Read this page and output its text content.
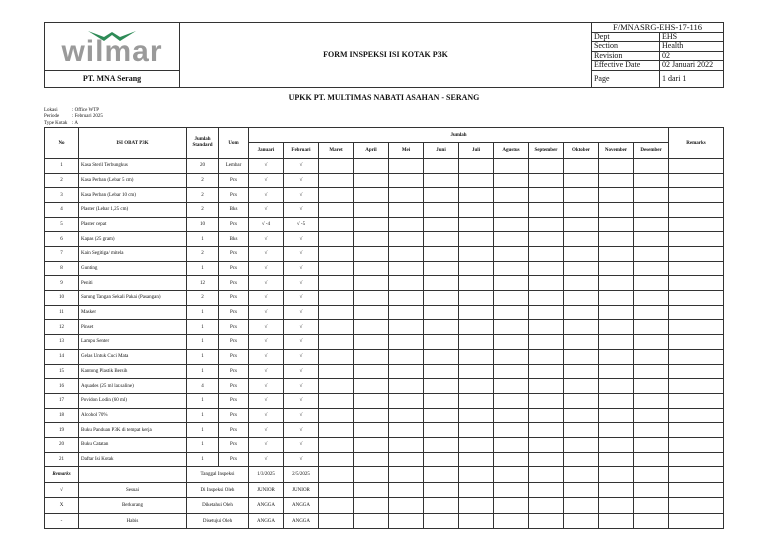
wilmar	FORM INSPEKSI ISI KOTAK P3K	F/MNASRG-EHS-17-116	
		Dept	EHS
		Section	Health
		Revision	02
		Effective Date	02 Januari 2022
PT. MNA Serang		Page	1 dari 1
UPKK PT. MULTIMAS NABATI ASAHAN - SERANG
Lokasi	: Office WTP
Periode	: Februari 2025
Type Kotak : A
No	ISI OBAT P3K	Jumlah Standard	Uom	Jumlah												Remarks
				Januari	Februari	Maret	April	Mei	Juni	Juli	Agustus	September	Oktober	November	Desember	
1	Kasa Steril Terbungkus	20	Lembar	√	√											
2	Kasa Perban (Lebar 5 cm)	2	Pcs	√	√											
3	Kasa Perban (Lebar 10 cm)	2	Pcs	√	√											
4	Plaster (Lebar 1,25 cm)	2	Bks	√	√											
5	Plaster cepat	10	Pcs	√ -4	√ -5											
6	Kapas (25 gram)	1	Bks	√	√											
7	Kain Segitiga/ mitela	2	Pcs	√	√											
8	Gunting	1	Pcs	√	√											
9	Peniti	12	Pcs	√	√											
10	Sarung Tangan Sekali Pakai (Pasangan)	2	Pcs	√	√											
11	Masker	1	Pcs	√	√											
12	Pinset	1	Pcs	√	√											
13	Lampu Senter	1	Pcs	√	√											
14	Gelas Untuk Cuci Mata	1	Pcs	√	√											
15	Kantong Plastik Bersih	1	Pcs	√	√											
16	Aquades (25 ml lar.saline)	4	Pcs	√	√											
17	Povidon Lodin (60 ml)	1	Pcs	√	√											
18	Alcohol 70%	1	Pcs	√	√											
19	Buku Panduan P3K di tempat kerja	1	Pcs	√	√											
20	Buku Catatan	1	Pcs	√	√											
21	Daftar Isi Kotak	1	Pcs	√	√											
Remarks		Tanggal Inspeksi		1/3/2025	2/5/2025											
√	Sesuai	Di Inspeksi Oleh		JUNIOR	JUNIOR											
X	Berkurang	Diketahui Oleh		ANGGA	ANGGA											
-	Habis	Disetujui Oleh		ANGGA	ANGGA											
